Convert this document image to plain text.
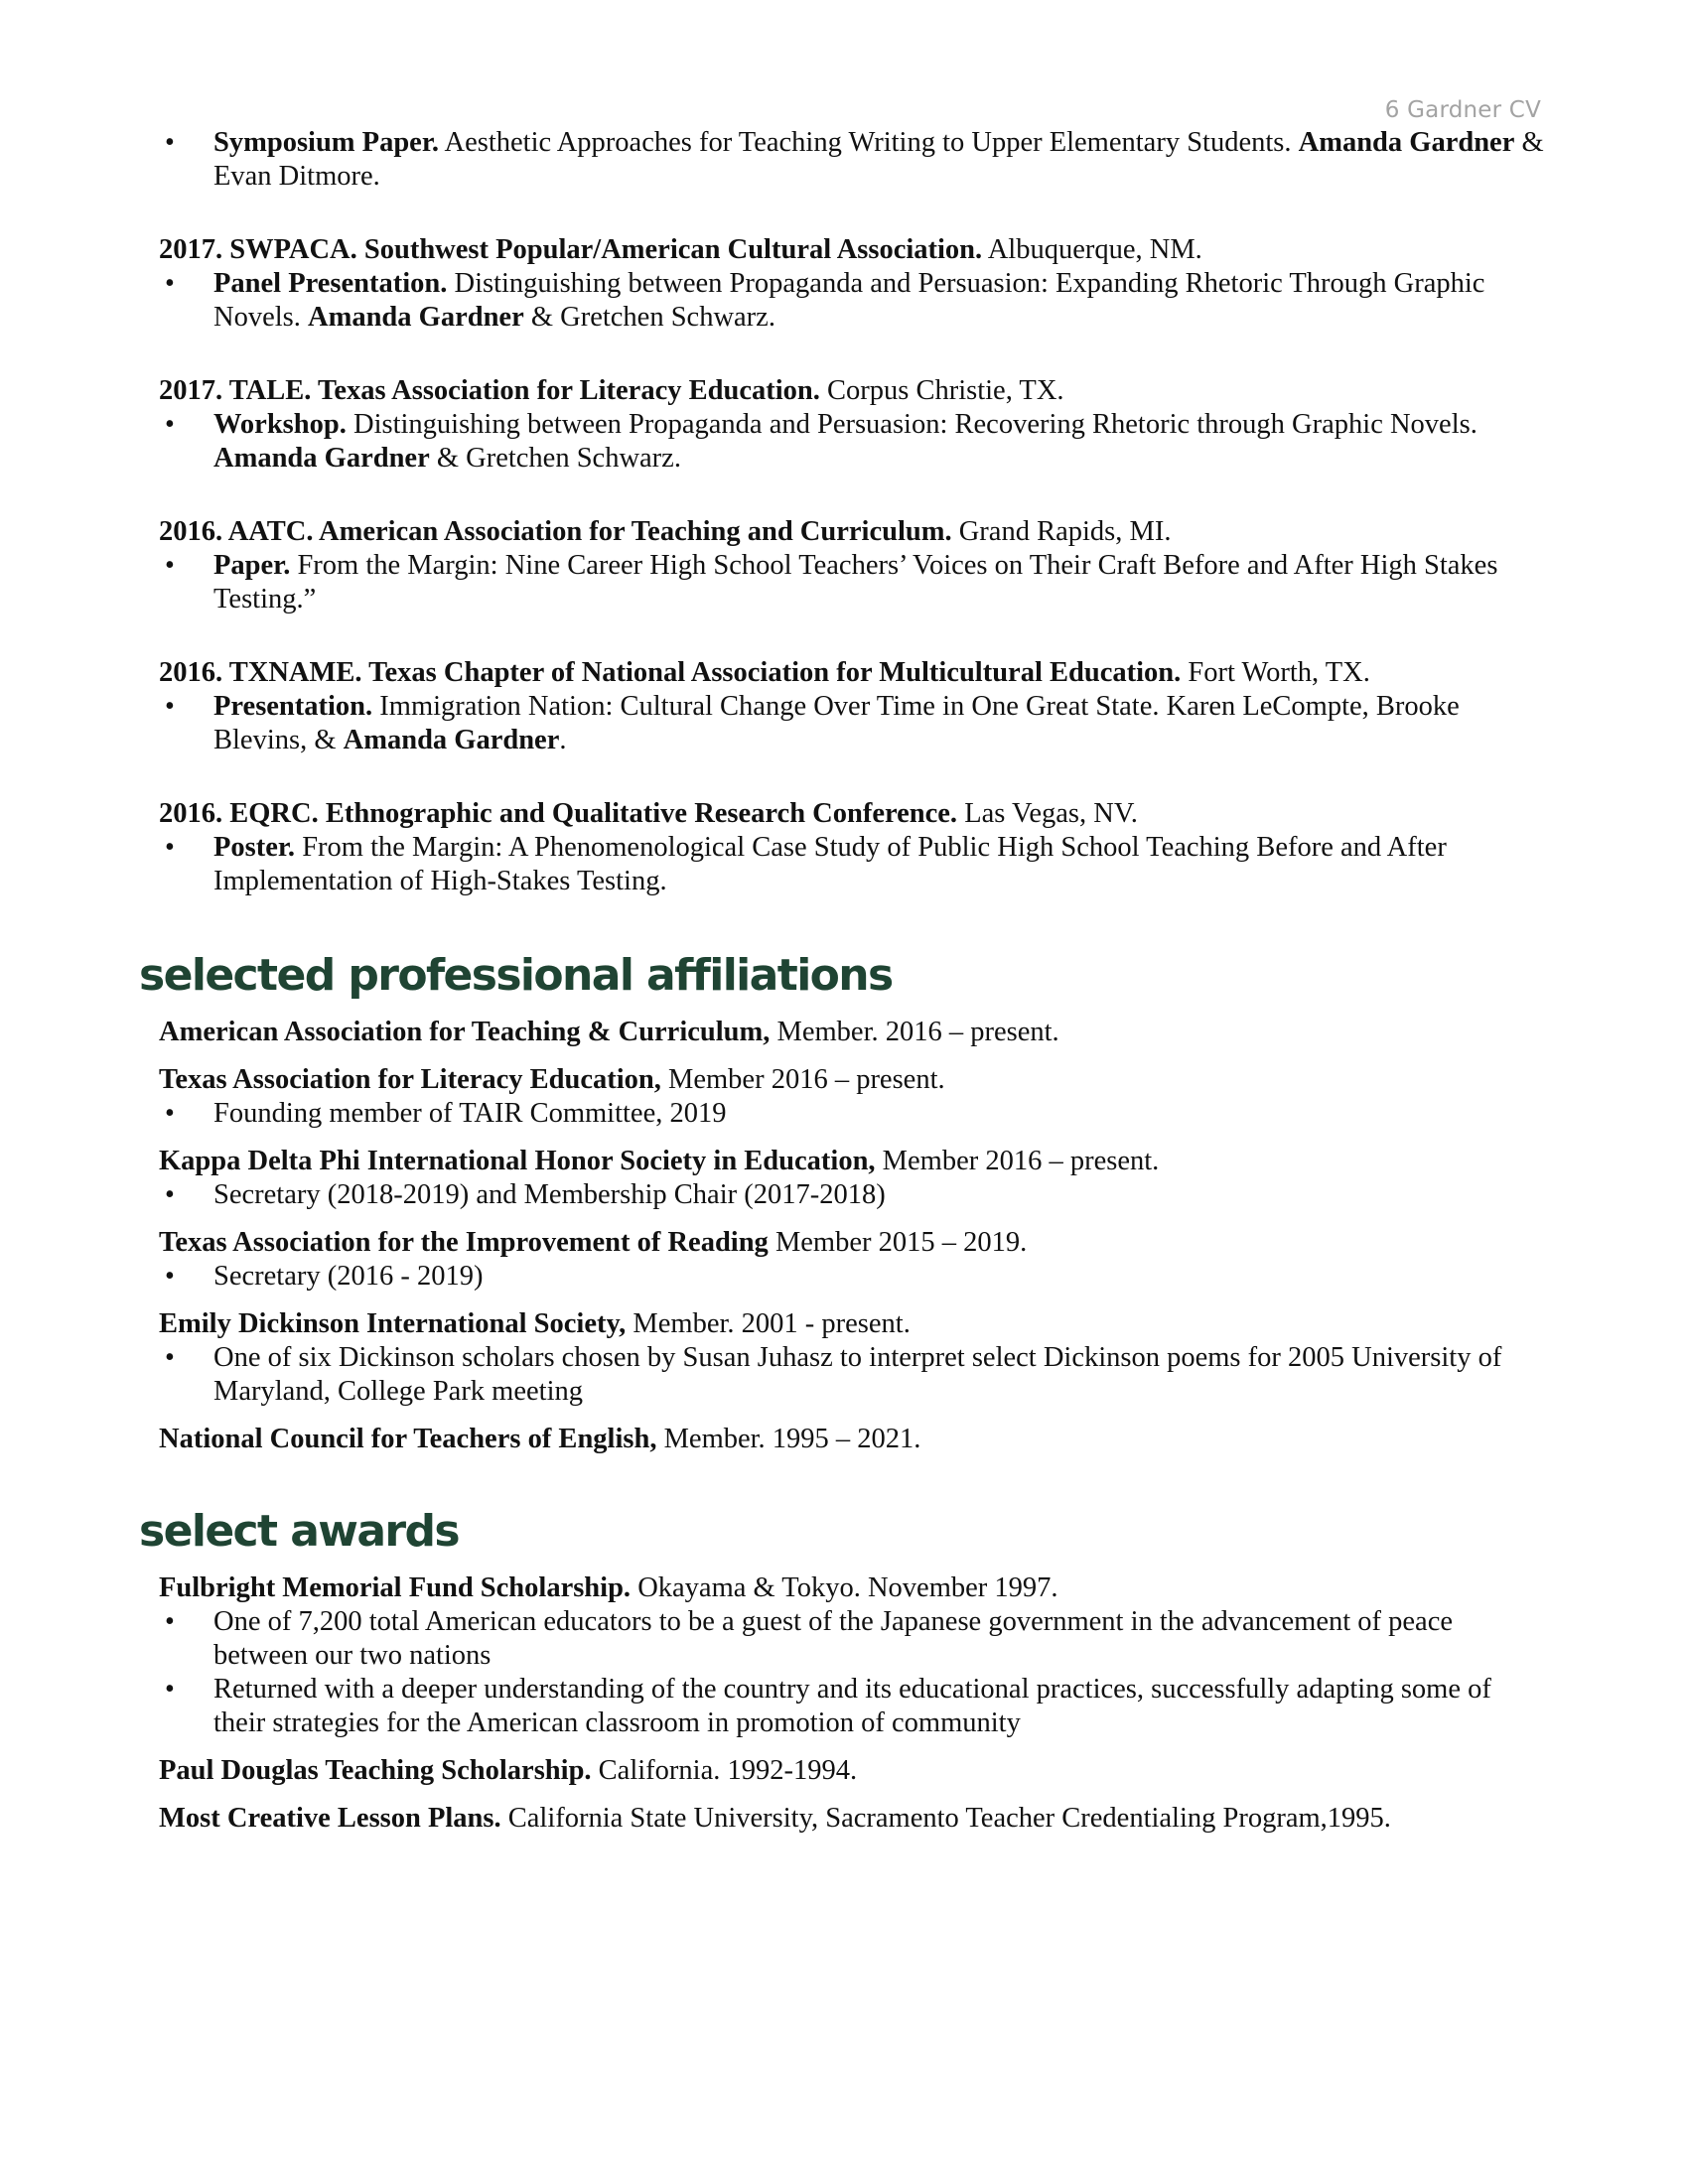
6 Gardner CV
• Symposium Paper. Aesthetic Approaches for Teaching Writing to Upper Elementary Students. Amanda Gardner & Evan Ditmore.

2017. SWPACA. Southwest Popular/American Cultural Association. Albuquerque, NM.

• Panel Presentation. Distinguishing between Propaganda and Persuasion: Expanding Rhetoric Through Graphic Novels. Amanda Gardner & Gretchen Schwarz.

2017. TALE. Texas Association for Literacy Education. Corpus Christie, TX.

• Workshop. Distinguishing between Propaganda and Persuasion: Recovering Rhetoric through Graphic Novels. Amanda Gardner & Gretchen Schwarz.

2016. AATC. American Association for Teaching and Curriculum. Grand Rapids, MI.

• Paper. From the Margin: Nine Career High School Teachers’ Voices on Their Craft Before and After High Stakes Testing.”

2016. TXNAME. Texas Chapter of National Association for Multicultural Education. Fort Worth, TX.

• Presentation. Immigration Nation: Cultural Change Over Time in One Great State. Karen LeCompte, Brooke Blevins, & Amanda Gardner.

2016. EQRC. Ethnographic and Qualitative Research Conference. Las Vegas, NV.

• Poster. From the Margin: A Phenomenological Case Study of Public High School Teaching Before and After Implementation of High-Stakes Testing.
selected professional affiliations

American Association for Teaching & Curriculum, Member. 2016 – present.

Texas Association for Literacy Education, Member 2016 – present.

• Founding member of TAIR Committee, 2019

Kappa Delta Phi International Honor Society in Education, Member 2016 – present.

• Secretary (2018-2019) and Membership Chair (2017-2018)

Texas Association for the Improvement of Reading Member 2015 – 2019.

• Secretary (2016 - 2019)

Emily Dickinson International Society, Member. 2001 - present.

• One of six Dickinson scholars chosen by Susan Juhasz to interpret select Dickinson poems for 2005 University of Maryland, College Park meeting

National Council for Teachers of English, Member. 1995 – 2021.

select awards

Fulbright Memorial Fund Scholarship. Okayama & Tokyo. November 1997.

• One of 7,200 total American educators to be a guest of the Japanese government in the advancement of peace between our two nations
• Returned with a deeper understanding of the country and its educational practices, successfully adapting some of their strategies for the American classroom in promotion of community

Paul Douglas Teaching Scholarship. California. 1992-1994.

Most Creative Lesson Plans. California State University, Sacramento Teacher Credentialing Program,1995.
